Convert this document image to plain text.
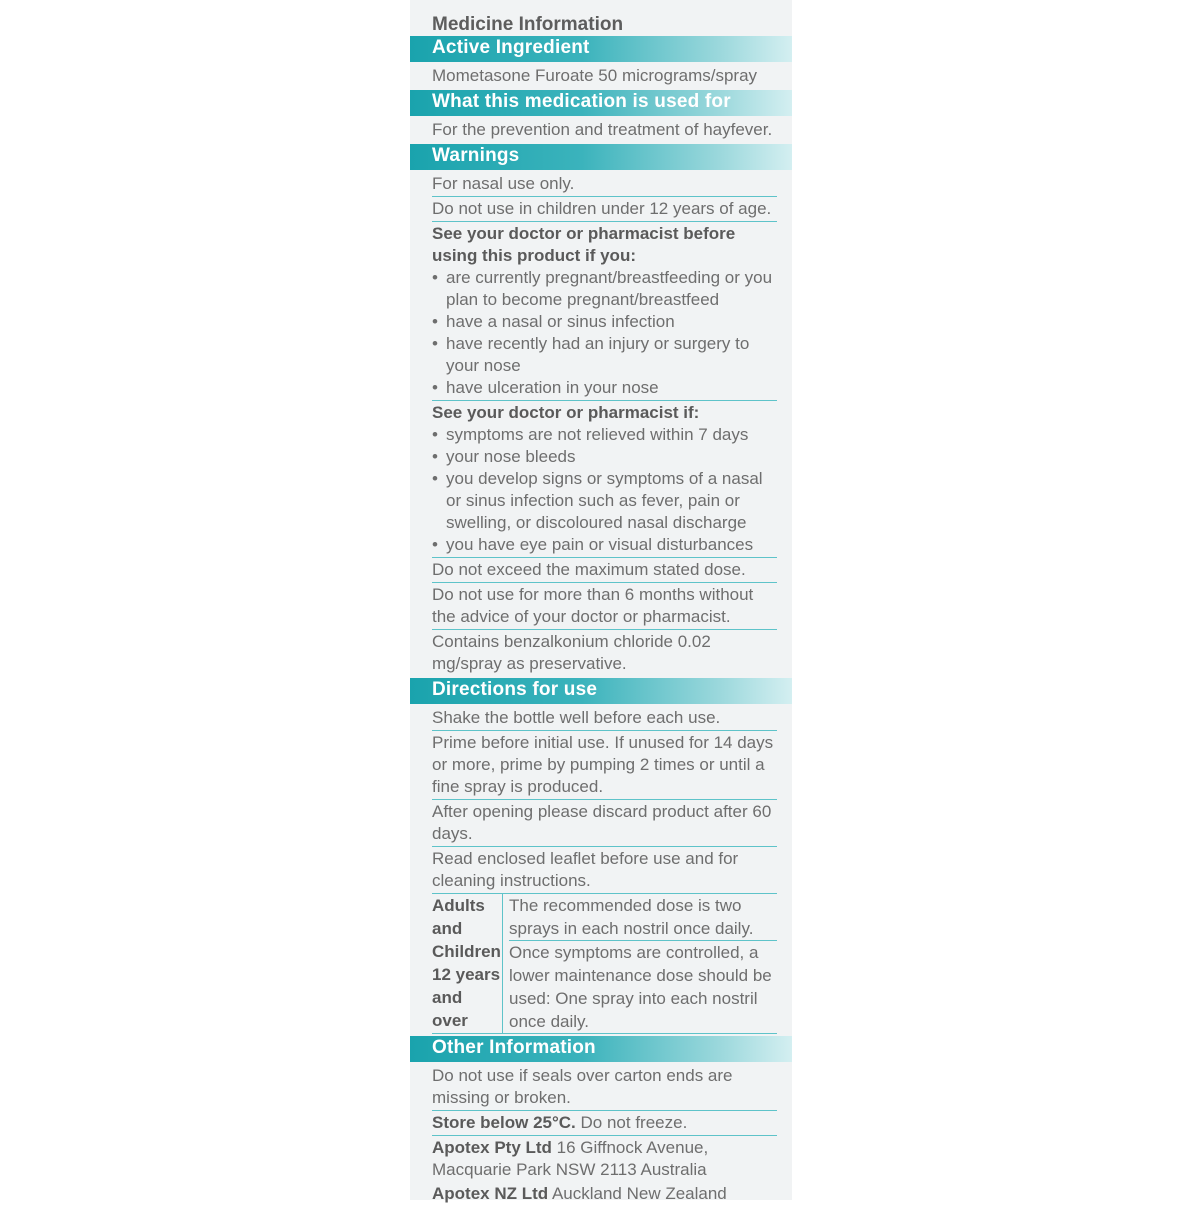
Medicine Information
Active Ingredient
Mometasone Furoate 50 micrograms/spray
What this medication is used for
For the prevention and treatment of hayfever.
Warnings
For nasal use only.
Do not use in children under 12 years of age.
See your doctor or pharmacist before using this product if you:
• are currently pregnant/breastfeeding or you plan to become pregnant/breastfeed
• have a nasal or sinus infection
• have recently had an injury or surgery to your nose
• have ulceration in your nose
See your doctor or pharmacist if:
• symptoms are not relieved within 7 days
• your nose bleeds
• you develop signs or symptoms of a nasal or sinus infection such as fever, pain or swelling, or discoloured nasal discharge
• you have eye pain or visual disturbances
Do not exceed the maximum stated dose.
Do not use for more than 6 months without the advice of your doctor or pharmacist.
Contains benzalkonium chloride 0.02 mg/spray as preservative.
Directions for use
Shake the bottle well before each use.
Prime before initial use. If unused for 14 days or more, prime by pumping 2 times or until a fine spray is produced.
After opening please discard product after 60 days.
Read enclosed leaflet before use and for cleaning instructions.
Adults and Children 12 years and over
The recommended dose is two sprays in each nostril once daily.
Once symptoms are controlled, a lower maintenance dose should be used: One spray into each nostril once daily.
Other Information
Do not use if seals over carton ends are missing or broken.
Store below 25°C. Do not freeze.
Apotex Pty Ltd 16 Giffnock Avenue, Macquarie Park NSW 2113 Australia
Apotex NZ Ltd Auckland New Zealand
